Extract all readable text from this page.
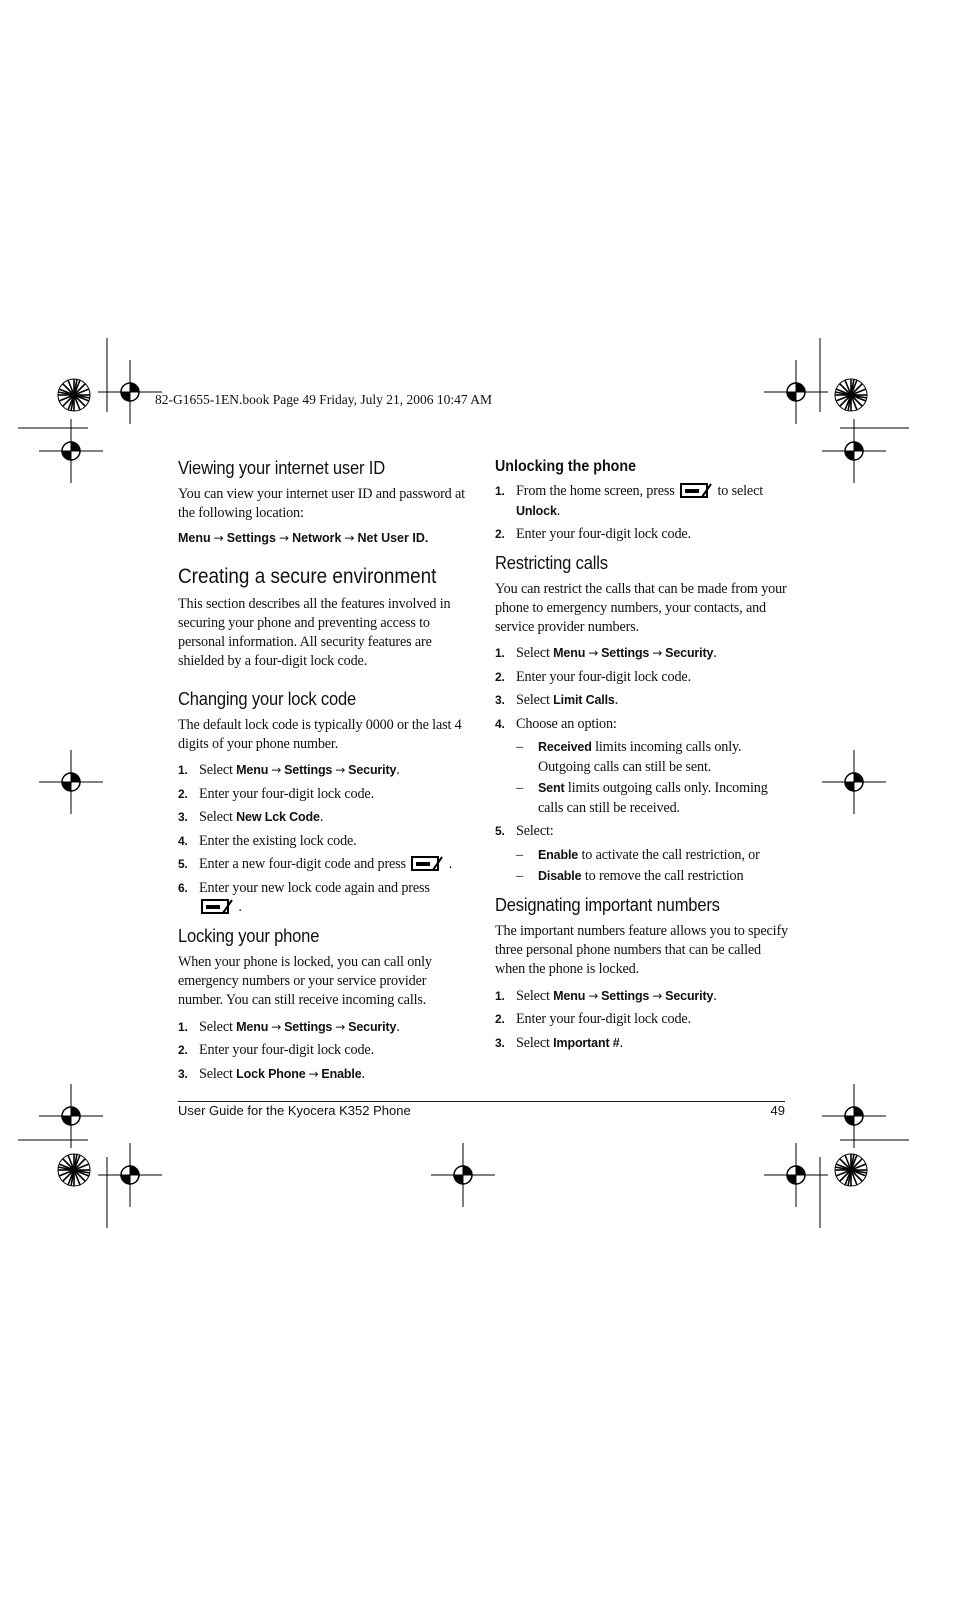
82-G1655-1EN.book Page 49 Friday, July 21, 2006 10:47 AM
Viewing your internet user ID

You can view your internet user ID and password at the following location:

Menu → Settings → Network → Net User ID.
Creating a secure environment

This section describes all the features involved in securing your phone and preventing access to personal information. All security features are shielded by a four-digit lock code.

Changing your lock code

The default lock code is typically 0000 or the last 4 digits of your phone number.

1. Select Menu → Settings → Security.
2. Enter your four-digit lock code.
3. Select New Lck Code.
4. Enter the existing lock code.
5. Enter a new four-digit code and press	.
6. Enter your new lock code again and press  .
Locking your phone

When your phone is locked, you can call only emergency numbers or your service provider number. You can still receive incoming calls.

1. Select Menu → Settings → Security.
2. Enter your four-digit lock code.
3. Select Lock Phone → Enable.
Unlocking the phone
1. From the home screen, press	to select
Unlock.
2. Enter your four-digit lock code.
Restricting calls

You can restrict the calls that can be made from your phone to emergency numbers, your contacts, and service provider numbers.

1. Select Menu → Settings → Security.
2. Enter your four-digit lock code.
3. Select Limit Calls.
4. Choose an option:
– Received limits incoming calls only. Outgoing calls can still be sent.
– Sent limits outgoing calls only. Incoming calls can still be received.
5. Select:
– Enable to activate the call restriction, or
– Disable to remove the call restriction
Designating important numbers

The important numbers feature allows you to specify three personal phone numbers that can be called when the phone is locked.

1. Select Menu → Settings → Security.
2. Enter your four-digit lock code.
3. Select Important #.
User Guide for the Kyocera K352 Phone	49
